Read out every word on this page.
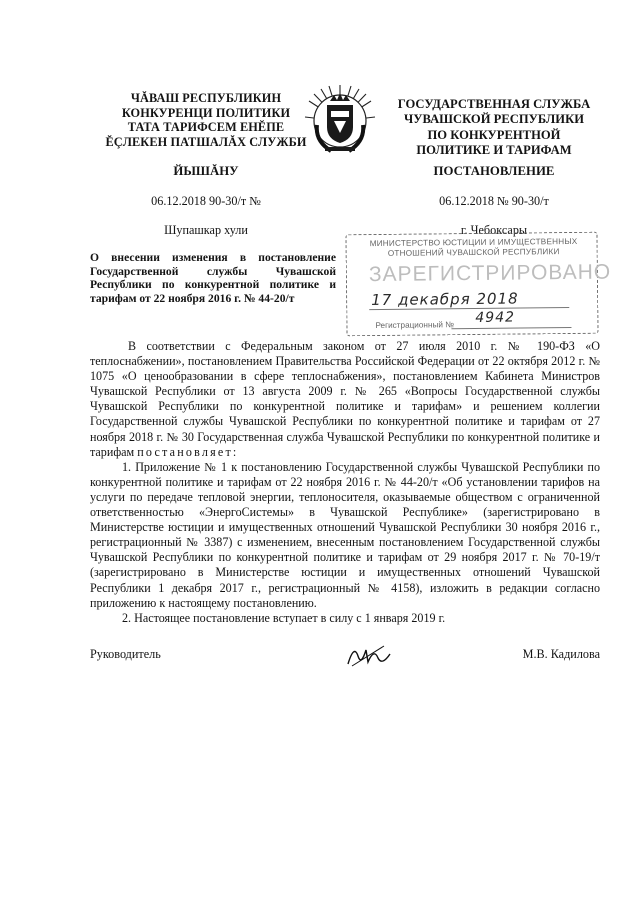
ЧĂВАШ РЕСПУБЛИКИН
КОНКУРЕНЦИ ПОЛИТИКИ
ТАТА ТАРИФСЕМ ЕНĔПЕ
ĔÇЛЕКЕН ПАТШАЛĂХ СЛУЖБИ
ГОСУДАРСТВЕННАЯ СЛУЖБА
ЧУВАШСКОЙ РЕСПУБЛИКИ
ПО КОНКУРЕНТНОЙ
ПОЛИТИКЕ И ТАРИФАМ
ЙЫШĂНУ	ПОСТАНОВЛЕНИЕ
06.12.2018 90-30/т №	06.12.2018 № 90-30/т
Шупашкар хули	г. Чебоксары
О внесении изменения в постановление Государственной службы Чувашской Республики по конкурентной политике и тарифам от 22 ноября 2016 г. № 44-20/т
МИНИСТЕРСТВО ЮСТИЦИИ И ИМУЩЕСТВЕННЫХ
ОТНОШЕНИЙ ЧУВАШСКОЙ РЕСПУБЛИКИ
ЗАРЕГИСТРИРОВАНО
17 декабря 2018
Регистрационный № 4942

В соответствии с Федеральным законом от 27 июля 2010 г. № 190-ФЗ «О теплоснабжении», постановлением Правительства Российской Федерации от 22 октября 2012 г. № 1075 «О ценообразовании в сфере теплоснабжения», постановлением Кабинета Министров Чувашской Республики от 13 августа 2009 г. № 265 «Вопросы Государственной службы Чувашской Республики по конкурентной политике и тарифам» и решением коллегии Государственной службы Чувашской Республики по конкурентной политике и тарифам от 27 ноября 2018 г. № 30 Государственная служба Чувашской Республики по конкурентной политике и тарифам постановляет:

1. Приложение № 1 к постановлению Государственной службы Чувашской Республики по конкурентной политике и тарифам от 22 ноября 2016 г. № 44-20/т «Об установлении тарифов на услуги по передаче тепловой энергии, теплоносителя, оказываемые обществом с ограниченной ответственностью «ЭнергоСистемы» в Чувашской Республике» (зарегистрировано в Министерстве юстиции и имущественных отношений Чувашской Республики 30 ноября 2016 г., регистрационный № 3387) с изменением, внесенным постановлением Государственной службы Чувашской Республики по конкурентной политике и тарифам от 29 ноября 2017 г. № 70-19/т (зарегистрировано в Министерстве юстиции и имущественных отношений Чувашской Республики 1 декабря 2017 г., регистрационный № 4158), изложить в редакции согласно приложению к настоящему постановлению.

2. Настоящее постановление вступает в силу с 1 января 2019 г.

Руководитель	М.В. Кадилова
